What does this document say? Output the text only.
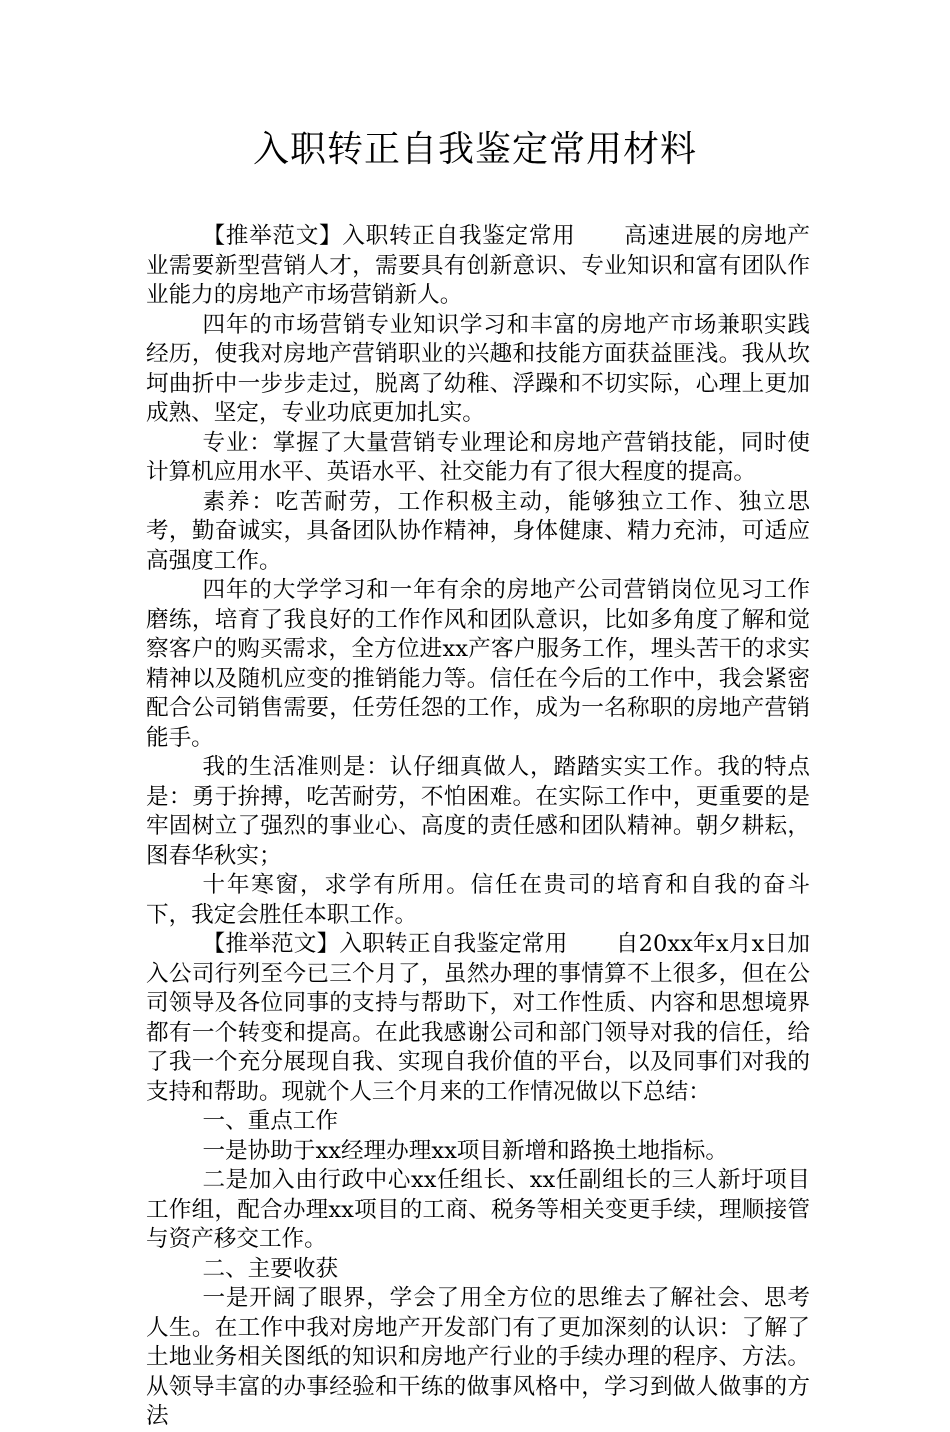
入职转正自我鉴定常用材料

【推举范文】入职转正自我鉴定常用 高速进展的房地产业需要新型营销人才，需要具有创新意识、专业知识和富有团队作业能力的房地产市场营销新人。

四年的市场营销专业知识学习和丰富的房地产市场兼职实践经历，使我对房地产营销职业的兴趣和技能方面获益匪浅。我从坎坷曲折中一步步走过，脱离了幼稚、浮躁和不切实际，心理上更加成熟、坚定，专业功底更加扎实。

专业：掌握了大量营销专业理论和房地产营销技能，同时使计算机应用水平、英语水平、社交能力有了很大程度的提高。

素养：吃苦耐劳，工作积极主动，能够独立工作、独立思考，勤奋诚实，具备团队协作精神，身体健康、精力充沛，可适应高强度工作。

四年的大学学习和一年有余的房地产公司营销岗位见习工作磨练，培育了我良好的工作作风和团队意识，比如多角度了解和觉察客户的购买需求，全方位进xx产客户服务工作，埋头苦干的求实精神以及随机应变的推销能力等。信任在今后的工作中，我会紧密配合公司销售需要，任劳任怨的工作，成为一名称职的房地产营销能手。

我的生活准则是：认仔细真做人，踏踏实实工作。我的特点是：勇于拚搏，吃苦耐劳，不怕困难。在实际工作中，更重要的是牢固树立了强烈的事业心、高度的责任感和团队精神。朝夕耕耘，图春华秋实；

十年寒窗，求学有所用。信任在贵司的培育和自我的奋斗下，我定会胜任本职工作。

【推举范文】入职转正自我鉴定常用 自20xx年x月x日加入公司行列至今已三个月了，虽然办理的事情算不上很多，但在公司领导及各位同事的支持与帮助下，对工作性质、内容和思想境界都有一个转变和提高。在此我感谢公司和部门领导对我的信任，给了我一个充分展现自我、实现自我价值的平台，以及同事们对我的支持和帮助。现就个人三个月来的工作情况做以下总结：

一、重点工作

一是协助于xx经理办理xx项目新增和路换土地指标。

二是加入由行政中心xx任组长、xx任副组长的三人新圩项目工作组，配合办理xx项目的工商、税务等相关变更手续，理顺接管与资产移交工作。

二、主要收获

一是开阔了眼界，学会了用全方位的思维去了解社会、思考人生。在工作中我对房地产开发部门有了更加深刻的认识：了解了土地业务相关图纸的知识和房地产行业的手续办理的程序、方法。从领导丰富的办事经验和干练的做事风格中，学习到做人做事的方法
